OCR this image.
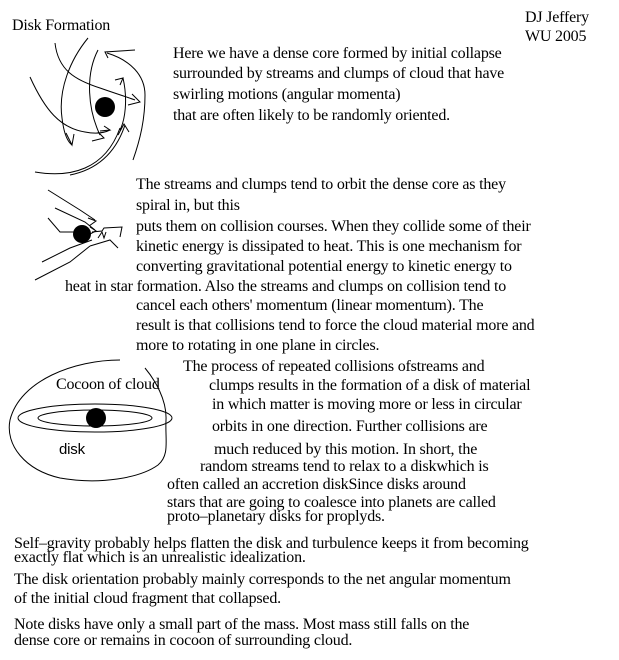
Disk Formation	DJ Jeffery
WU 2005
Here we have a dense core formed by initial collapse
surrounded by streams and clumps of cloud that have
swirling motions (angular momenta)
that are often likely to be randomly oriented.
The streams and clumps tend to orbit the dense core as they
spiral in, but this
puts them on collision courses. When they collide some of their
kinetic energy is dissipated to heat. This is one mechanism for
converting gravitational potential energy to kinetic energy to
heat in star formation. Also the streams and clumps on collision tend to
cancel each others' momentum (linear momentum). The
result is that collisions tend to force the cloud material more and
more to rotating in one plane in circles.
The process of repeated collisions ofstreams and
clumps results in the formation of a disk of material
in which matter is moving more or less in circular
orbits in one direction. Further collisions are
much reduced by this motion. In short, the
random streams tend to relax to a diskwhich is
often called an accretion diskSince disks around
stars that are going to coalesce into planets are called
proto–planetary disks for proplyds.
Cocoon of cloud
disk
Self–gravity probably helps flatten the disk and turbulence keeps it from becoming
exactly flat which is an unrealistic idealization.
The disk orientation probably mainly corresponds to the net angular momentum
of the initial cloud fragment that collapsed.
Note disks have only a small part of the mass. Most mass still falls on the
dense core or remains in cocoon of surrounding cloud.
